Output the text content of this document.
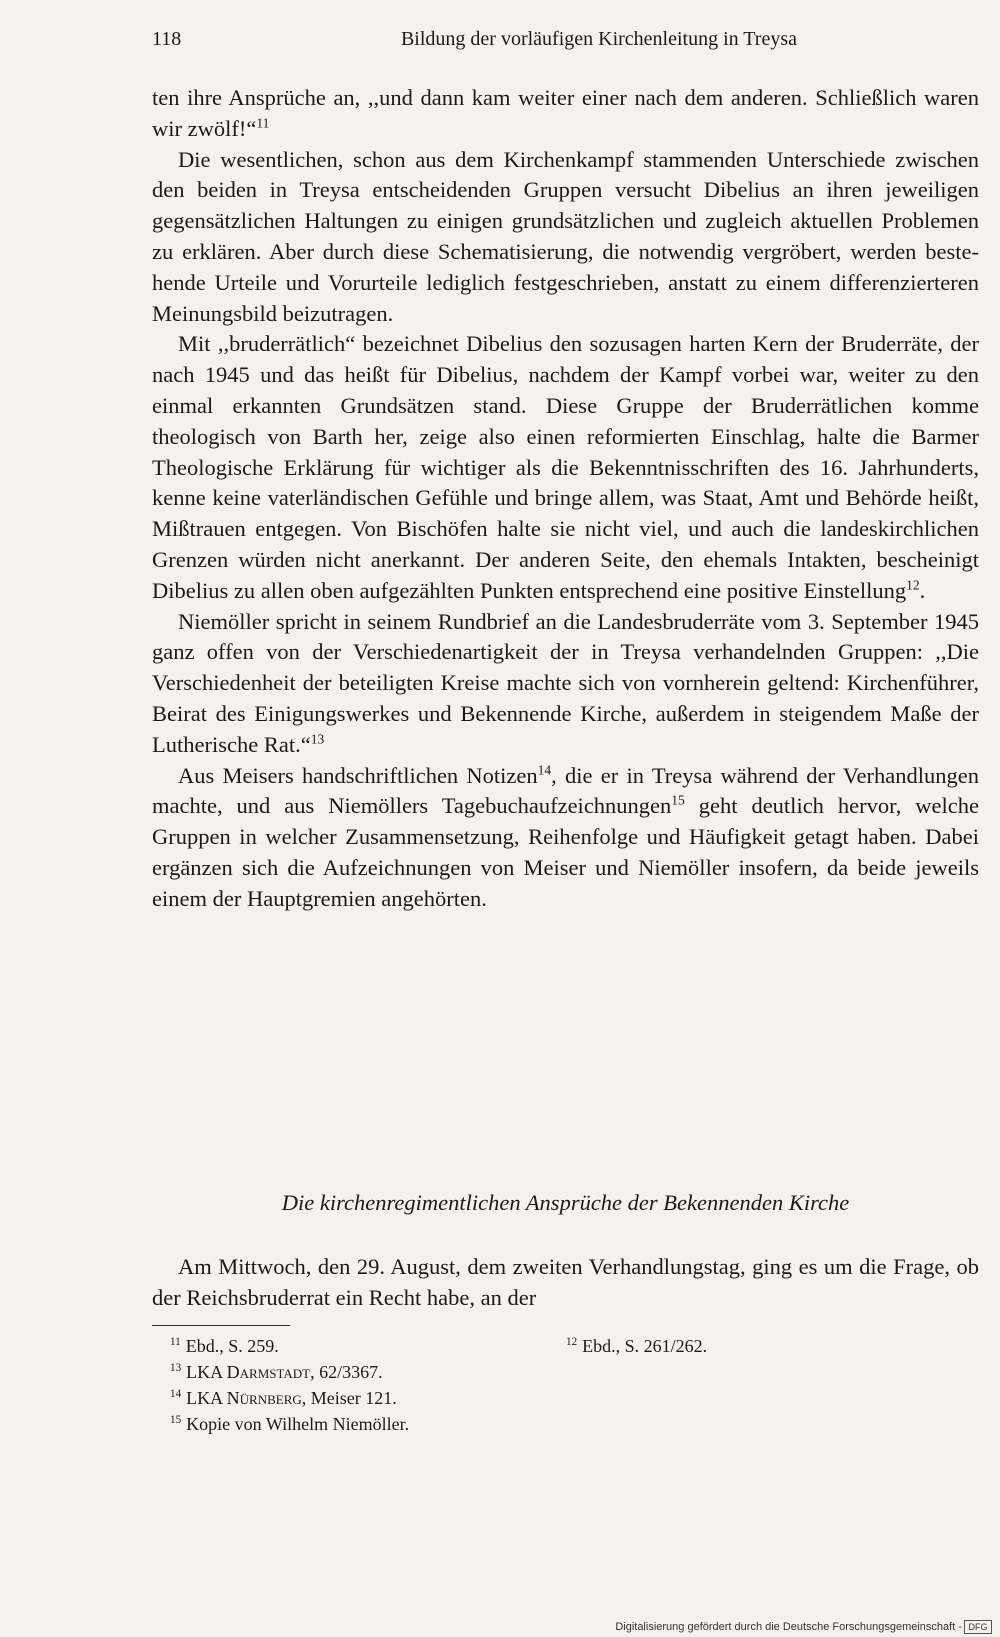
118	Bildung der vorläufigen Kirchenleitung in Treysa

ten ihre Ansprüche an, ,,und dann kam weiter einer nach dem anderen. Schließlich waren wir zwölf!“$^{11}$

Die wesentlichen, schon aus dem Kirchenkampf stammenden Unterschiede zwischen den beiden in Treysa entscheidenden Gruppen versucht Dibelius an ihren jeweiligen gegensätzlichen Haltungen zu einigen grundsätzlichen und zugleich aktuellen Problemen zu erklären. Aber durch diese Schematisierung, die notwendig vergröbert, werden bestehende Urteile und Vorurteile lediglich festgeschrieben, anstatt zu einem differenzierteren Meinungsbild beizutragen.

Mit ,,bruderrätlich“ bezeichnet Dibelius den sozusagen harten Kern der Bruderräte, der nach 1945 und das heißt für Dibelius, nachdem der Kampf vorbei war, weiter zu den einmal erkannten Grundsätzen stand. Diese Gruppe der Bruderrätlichen komme theologisch von Barth her, zeige also einen reformierten Einschlag, halte die Barmer Theologische Erklärung für wichtiger als die Bekenntnisschriften des 16. Jahrhunderts, kenne keine vaterländischen Gefühle und bringe allem, was Staat, Amt und Behörde heißt, Mißtrauen entgegen. Von Bischöfen halte sie nicht viel, und auch die landeskirchlichen Grenzen würden nicht anerkannt. Der anderen Seite, den ehemals Intakten, bescheinigt Dibelius zu allen oben aufgezählten Punkten entsprechend eine positive Einstellung$^{12}$.

Niemöller spricht in seinem Rundbrief an die Landesbruderräte vom 3. September 1945 ganz offen von der Verschiedenartigkeit der in Treysa verhandelnden Gruppen: ,,Die Verschiedenheit der beteiligten Kreise machte sich von vornherein geltend: Kirchenführer, Beirat des Einigungswerkes und Bekennende Kirche, außerdem in steigendem Maße der Lutherische Rat.“$^{13}$

Aus Meisers handschriftlichen Notizen$^{14}$, die er in Treysa während der Verhandlungen machte, und aus Niemöllers Tagebuchaufzeichnungen$^{15}$ geht deutlich hervor, welche Gruppen in welcher Zusammensetzung, Reihenfolge und Häufigkeit getagt haben. Dabei ergänzen sich die Aufzeichnungen von Meiser und Niemöller insofern, da beide jeweils einem der Hauptgremien angehörten.

Die kirchenregimentlichen Ansprüche der Bekennenden Kirche

Am Mittwoch, den 29. August, dem zweiten Verhandlungstag, ging es um die Frage, ob der Reichsbruderrat ein Recht habe, an der

$^{11}$ Ebd., S. 259.	$^{12}$ Ebd., S. 261/262.
$^{13}$ LKA Darmstadt, 62/3367.
$^{14}$ LKA Nürnberg, Meiser 121.
$^{15}$ Kopie von Wilhelm Niemöller.
Digitalisierung gefördert durch die Deutsche Forschungsgemeinschaft - DFG
